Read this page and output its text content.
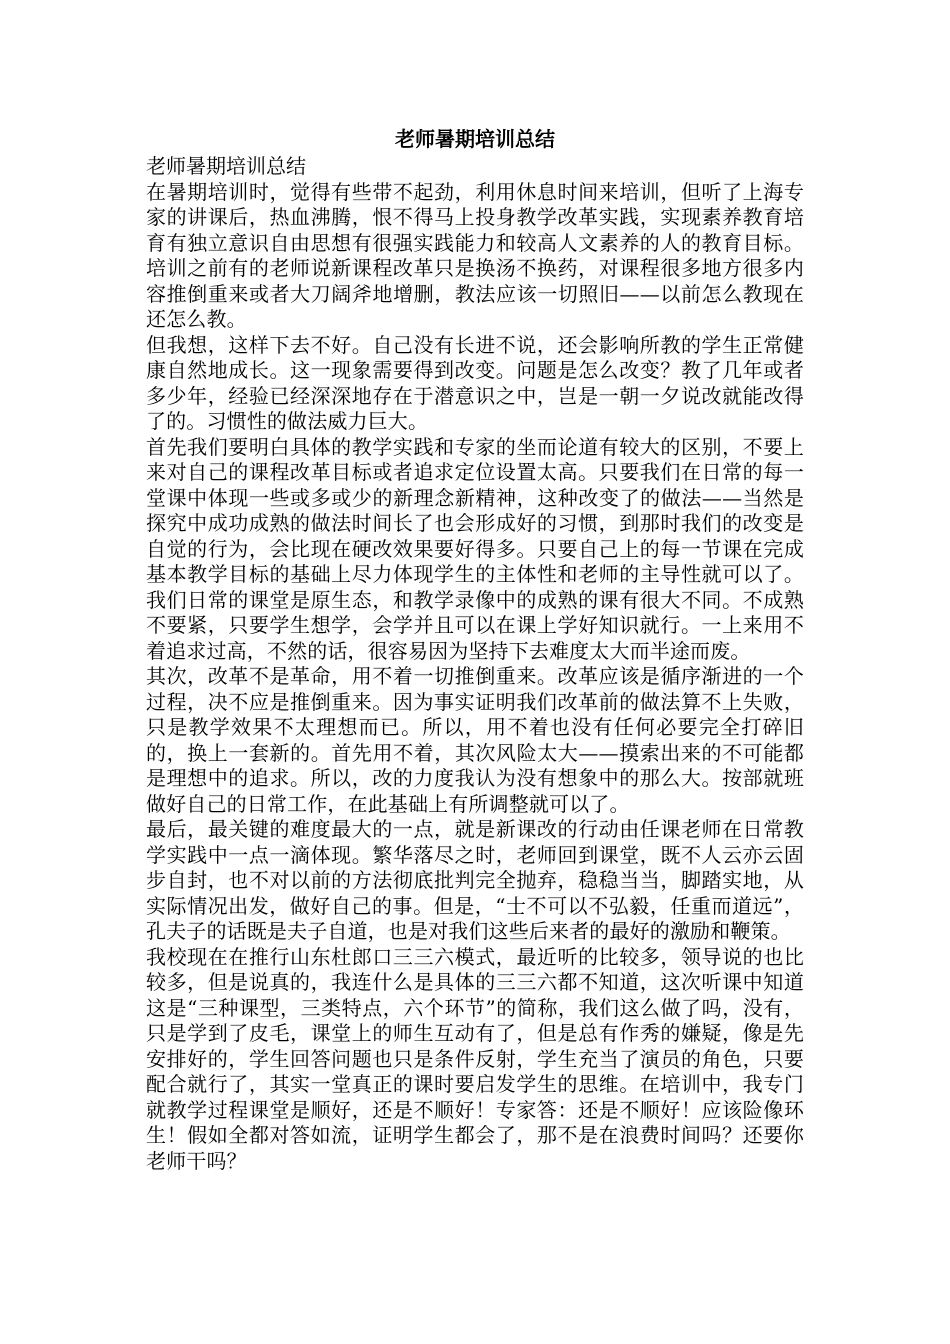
老师暑期培训总结

老师暑期培训总结

在暑期培训时，觉得有些带不起劲，利用休息时间来培训，但听了上海专家的讲课后，热血沸腾，恨不得马上投身教学改革实践，实现素养教育培育有独立意识自由思想有很强实践能力和较高人文素养的人的教育目标。培训之前有的老师说新课程改革只是换汤不换药，对课程很多地方很多内容推倒重来或者大刀阔斧地增删，教法应该一切照旧——以前怎么教现在还怎么教。

但我想，这样下去不好。自己没有长进不说，还会影响所教的学生正常健康自然地成长。这一现象需要得到改变。问题是怎么改变？教了几年或者多少年，经验已经深深地存在于潜意识之中，岂是一朝一夕说改就能改得了的。习惯性的做法威力巨大。

首先我们要明白具体的教学实践和专家的坐而论道有较大的区别，不要上来对自己的课程改革目标或者追求定位设置太高。只要我们在日常的每一堂课中体现一些或多或少的新理念新精神，这种改变了的做法——当然是探究中成功成熟的做法时间长了也会形成好的习惯，到那时我们的改变是自觉的行为，会比现在硬改效果要好得多。只要自己上的每一节课在完成基本教学目标的基础上尽力体现学生的主体性和老师的主导性就可以了。我们日常的课堂是原生态，和教学录像中的成熟的课有很大不同。不成熟不要紧，只要学生想学，会学并且可以在课上学好知识就行。一上来用不着追求过高，不然的话，很容易因为坚持下去难度太大而半途而废。

其次，改革不是革命，用不着一切推倒重来。改革应该是循序渐进的一个过程，决不应是推倒重来。因为事实证明我们改革前的做法算不上失败，只是教学效果不太理想而已。所以，用不着也没有任何必要完全打碎旧的，换上一套新的。首先用不着，其次风险太大——摸索出来的不可能都是理想中的追求。所以，改的力度我认为没有想象中的那么大。按部就班做好自己的日常工作，在此基础上有所调整就可以了。

最后，最关键的难度最大的一点，就是新课改的行动由任课老师在日常教学实践中一点一滴体现。繁华落尽之时，老师回到课堂，既不人云亦云固步自封，也不对以前的方法彻底批判完全抛弃，稳稳当当，脚踏实地，从实际情况出发，做好自己的事。但是，“士不可以不弘毅，任重而道远”，孔夫子的话既是夫子自道，也是对我们这些后来者的最好的激励和鞭策。

我校现在在推行山东杜郎口三三六模式，最近听的比较多，领导说的也比较多，但是说真的，我连什么是具体的三三六都不知道，这次听课中知道这是“三种课型，三类特点，六个环节”的简称，我们这么做了吗，没有，只是学到了皮毛，课堂上的师生互动有了，但是总有作秀的嫌疑，像是先安排好的，学生回答问题也只是条件反射，学生充当了演员的角色，只要配合就行了，其实一堂真正的课时要启发学生的思维。在培训中，我专门就教学过程课堂是顺好，还是不顺好！专家答：还是不顺好！应该险像环生！假如全都对答如流，证明学生都会了，那不是在浪费时间吗？还要你老师干吗？
